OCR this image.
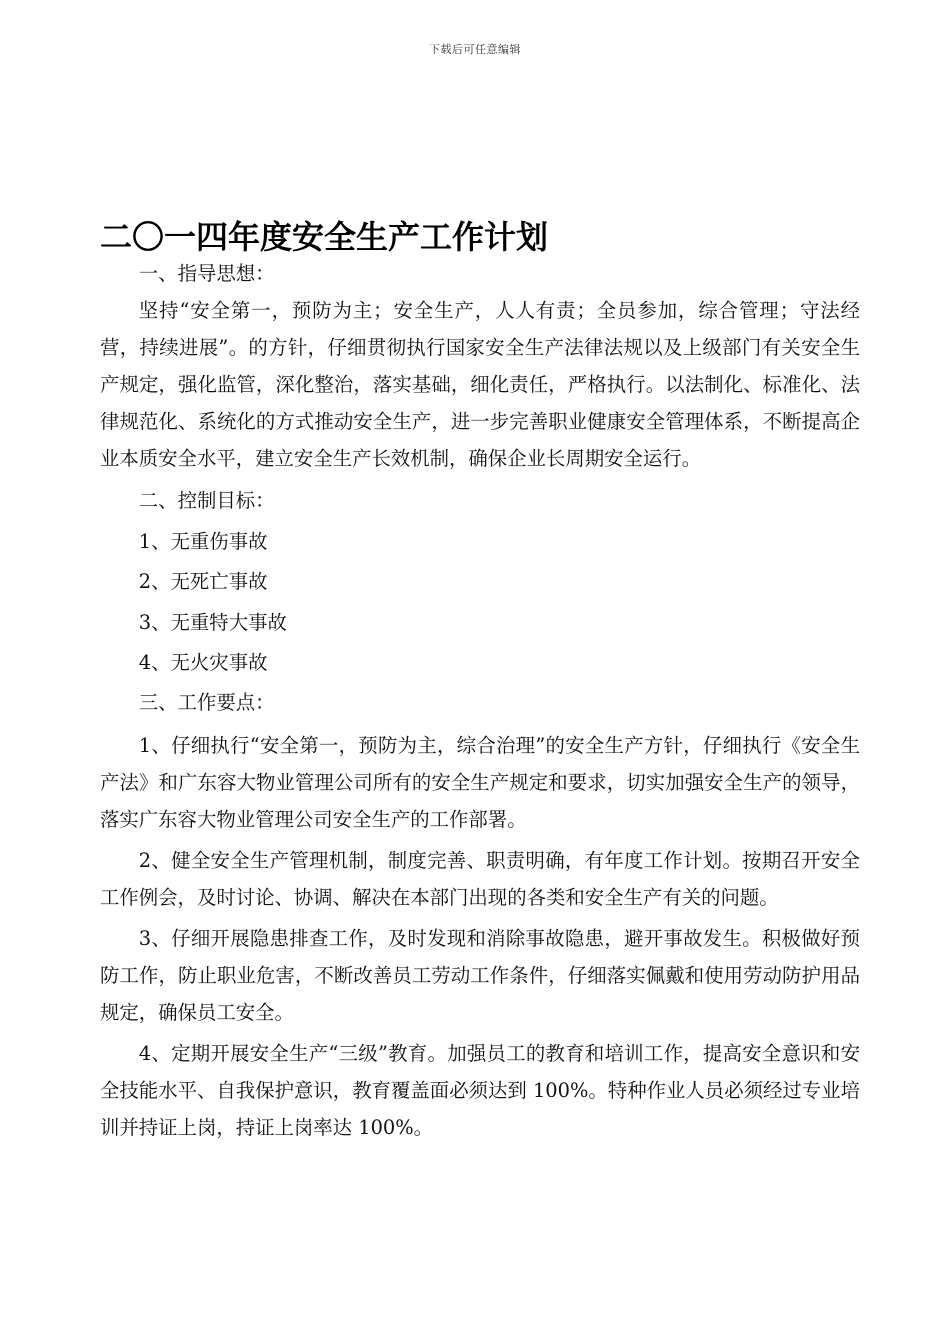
下载后可任意编辑
二〇一四年度安全生产工作计划

一、指导思想：

坚持“安全第一，预防为主；安全生产，人人有责；全员参加，综合管理；守法经营，持续进展”。的方针，仔细贯彻执行国家安全生产法律法规以及上级部门有关安全生产规定，强化监管，深化整治，落实基础，细化责任，严格执行。以法制化、标准化、法律规范化、系统化的方式推动安全生产，进一步完善职业健康安全管理体系，不断提高企业本质安全水平，建立安全生产长效机制，确保企业长周期安全运行。

二、控制目标：

1、无重伤事故

2、无死亡事故

3、无重特大事故

4、无火灾事故

三、工作要点：

1、仔细执行“安全第一，预防为主，综合治理”的安全生产方针，仔细执行《安全生产法》和广东容大物业管理公司所有的安全生产规定和要求，切实加强安全生产的领导，落实广东容大物业管理公司安全生产的工作部署。

2、健全安全生产管理机制，制度完善、职责明确，有年度工作计划。按期召开安全工作例会，及时讨论、协调、解决在本部门出现的各类和安全生产有关的问题。

3、仔细开展隐患排查工作，及时发现和消除事故隐患，避开事故发生。积极做好预防工作，防止职业危害，不断改善员工劳动工作条件，仔细落实佩戴和使用劳动防护用品规定，确保员工安全。

4、定期开展安全生产“三级”教育。加强员工的教育和培训工作，提高安全意识和安全技能水平、自我保护意识，教育覆盖面必须达到 100%。特种作业人员必须经过专业培训并持证上岗，持证上岗率达 100%。
